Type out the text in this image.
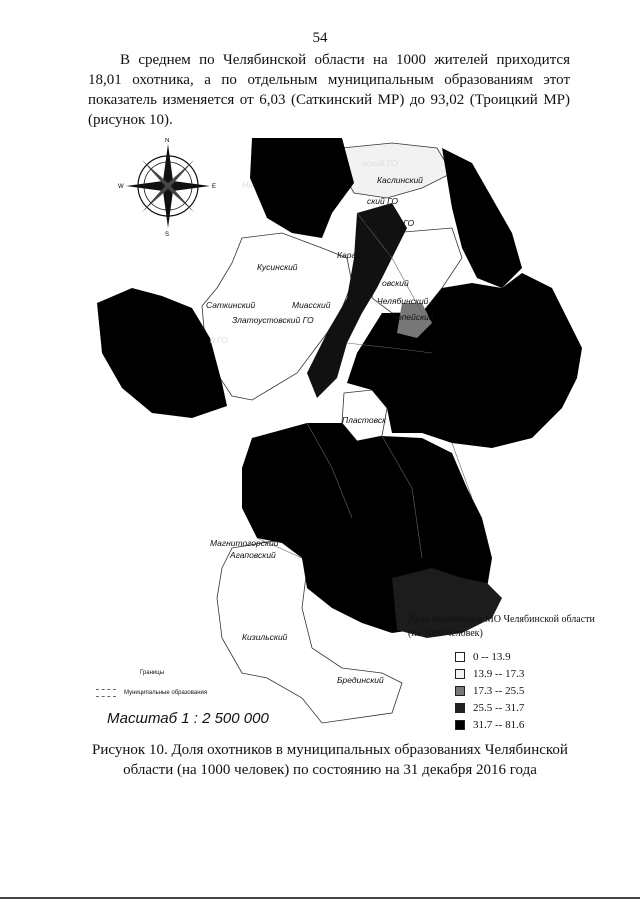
54

В среднем по Челябинской области на 1000 жителей приходится 18,01 охотника, а по отдельным муниципальным образованиям этот показатель изменяется от 6,03 (Саткинский МР) до 93,02 (Троицкий МР) (рисунок 10).

N
S
E
W
нский ГО
Каслинский
Ня
ский ГО
штымский ГО
Карабашский
Кусинский
овский
Саткинский	Миасский	Челябинский
Златоустовский ГО	Копейский
й ГО
Пластовск
Магнитогорский
Агаповский
Кизильский
Брединский
Границы
Муниципальные образования
Масштаб 1 : 2 500 000
Доля охотников в МО Челябинской области (на 1000 человек)
0 -- 13.9
13.9 -- 17.3
17.3 -- 25.5
25.5 -- 31.7
31.7 -- 81.6
Рисунок 10. Доля охотников в муниципальных образованиях Челябинской области (на 1000 человек) по состоянию на 31 декабря 2016 года
